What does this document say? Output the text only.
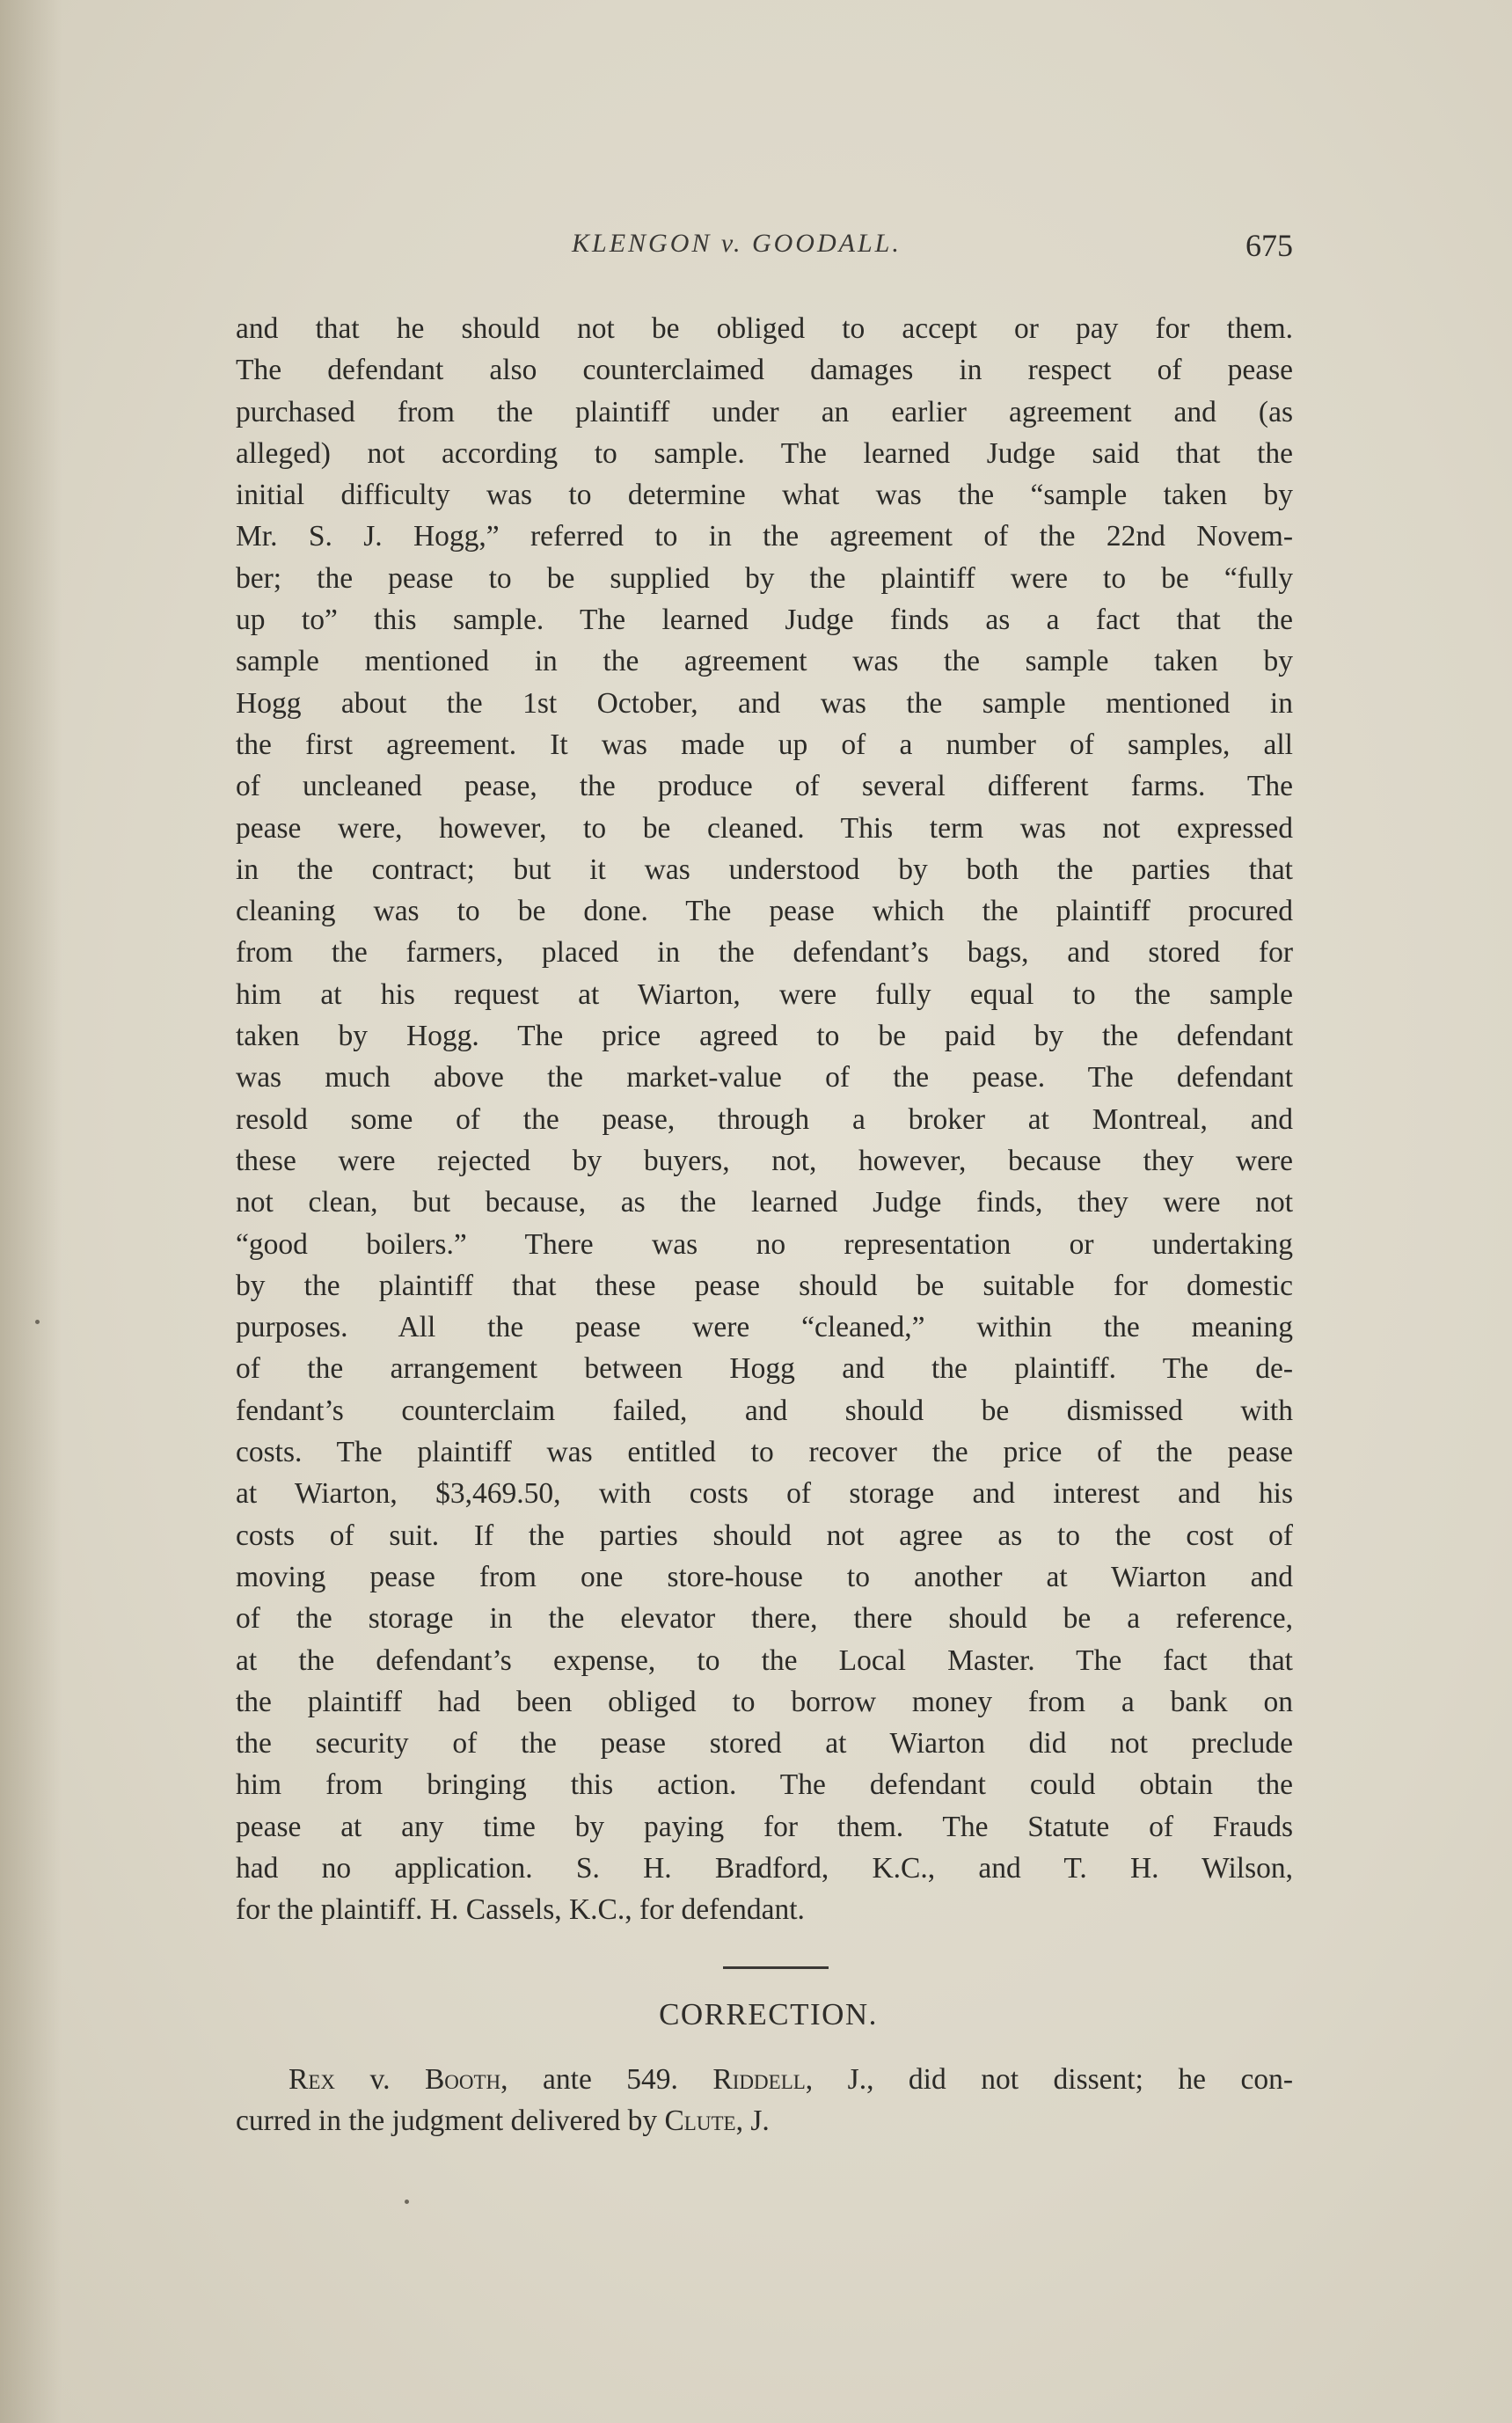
KLENGON v. GOODALL.	675
and that he should not be obliged to accept or pay for them.
The defendant also counterclaimed damages in respect of pease
purchased from the plaintiff under an earlier agreement and (as
alleged) not according to sample. The learned Judge said that the
initial difficulty was to determine what was the “sample taken by
Mr. S. J. Hogg,” referred to in the agreement of the 22nd Novem-
ber; the pease to be supplied by the plaintiff were to be “fully
up to” this sample. The learned Judge finds as a fact that the
sample mentioned in the agreement was the sample taken by
Hogg about the 1st October, and was the sample mentioned in
the first agreement. It was made up of a number of samples, all
of uncleaned pease, the produce of several different farms. The
pease were, however, to be cleaned. This term was not expressed
in the contract; but it was understood by both the parties that
cleaning was to be done. The pease which the plaintiff procured
from the farmers, placed in the defendant’s bags, and stored for
him at his request at Wiarton, were fully equal to the sample
taken by Hogg. The price agreed to be paid by the defendant
was much above the market-value of the pease. The defendant
resold some of the pease, through a broker at Montreal, and
these were rejected by buyers, not, however, because they were
not clean, but because, as the learned Judge finds, they were not
“good boilers.” There was no representation or undertaking
by the plaintiff that these pease should be suitable for domestic
purposes. All the pease were “cleaned,” within the meaning
of the arrangement between Hogg and the plaintiff. The de-
fendant’s counterclaim failed, and should be dismissed with
costs. The plaintiff was entitled to recover the price of the pease
at Wiarton, $3,469.50, with costs of storage and interest and his
costs of suit. If the parties should not agree as to the cost of
moving pease from one store-house to another at Wiarton and
of the storage in the elevator there, there should be a reference,
at the defendant’s expense, to the Local Master. The fact that
the plaintiff had been obliged to borrow money from a bank on
the security of the pease stored at Wiarton did not preclude
him from bringing this action. The defendant could obtain the
pease at any time by paying for them. The Statute of Frauds
had no application. S. H. Bradford, K.C., and T. H. Wilson,
for the plaintiff. H. Cassels, K.C., for defendant.
CORRECTION.
Rex v. Booth, ante 549. Riddell, J., did not dissent; he con-
curred in the judgment delivered by Clute, J.
